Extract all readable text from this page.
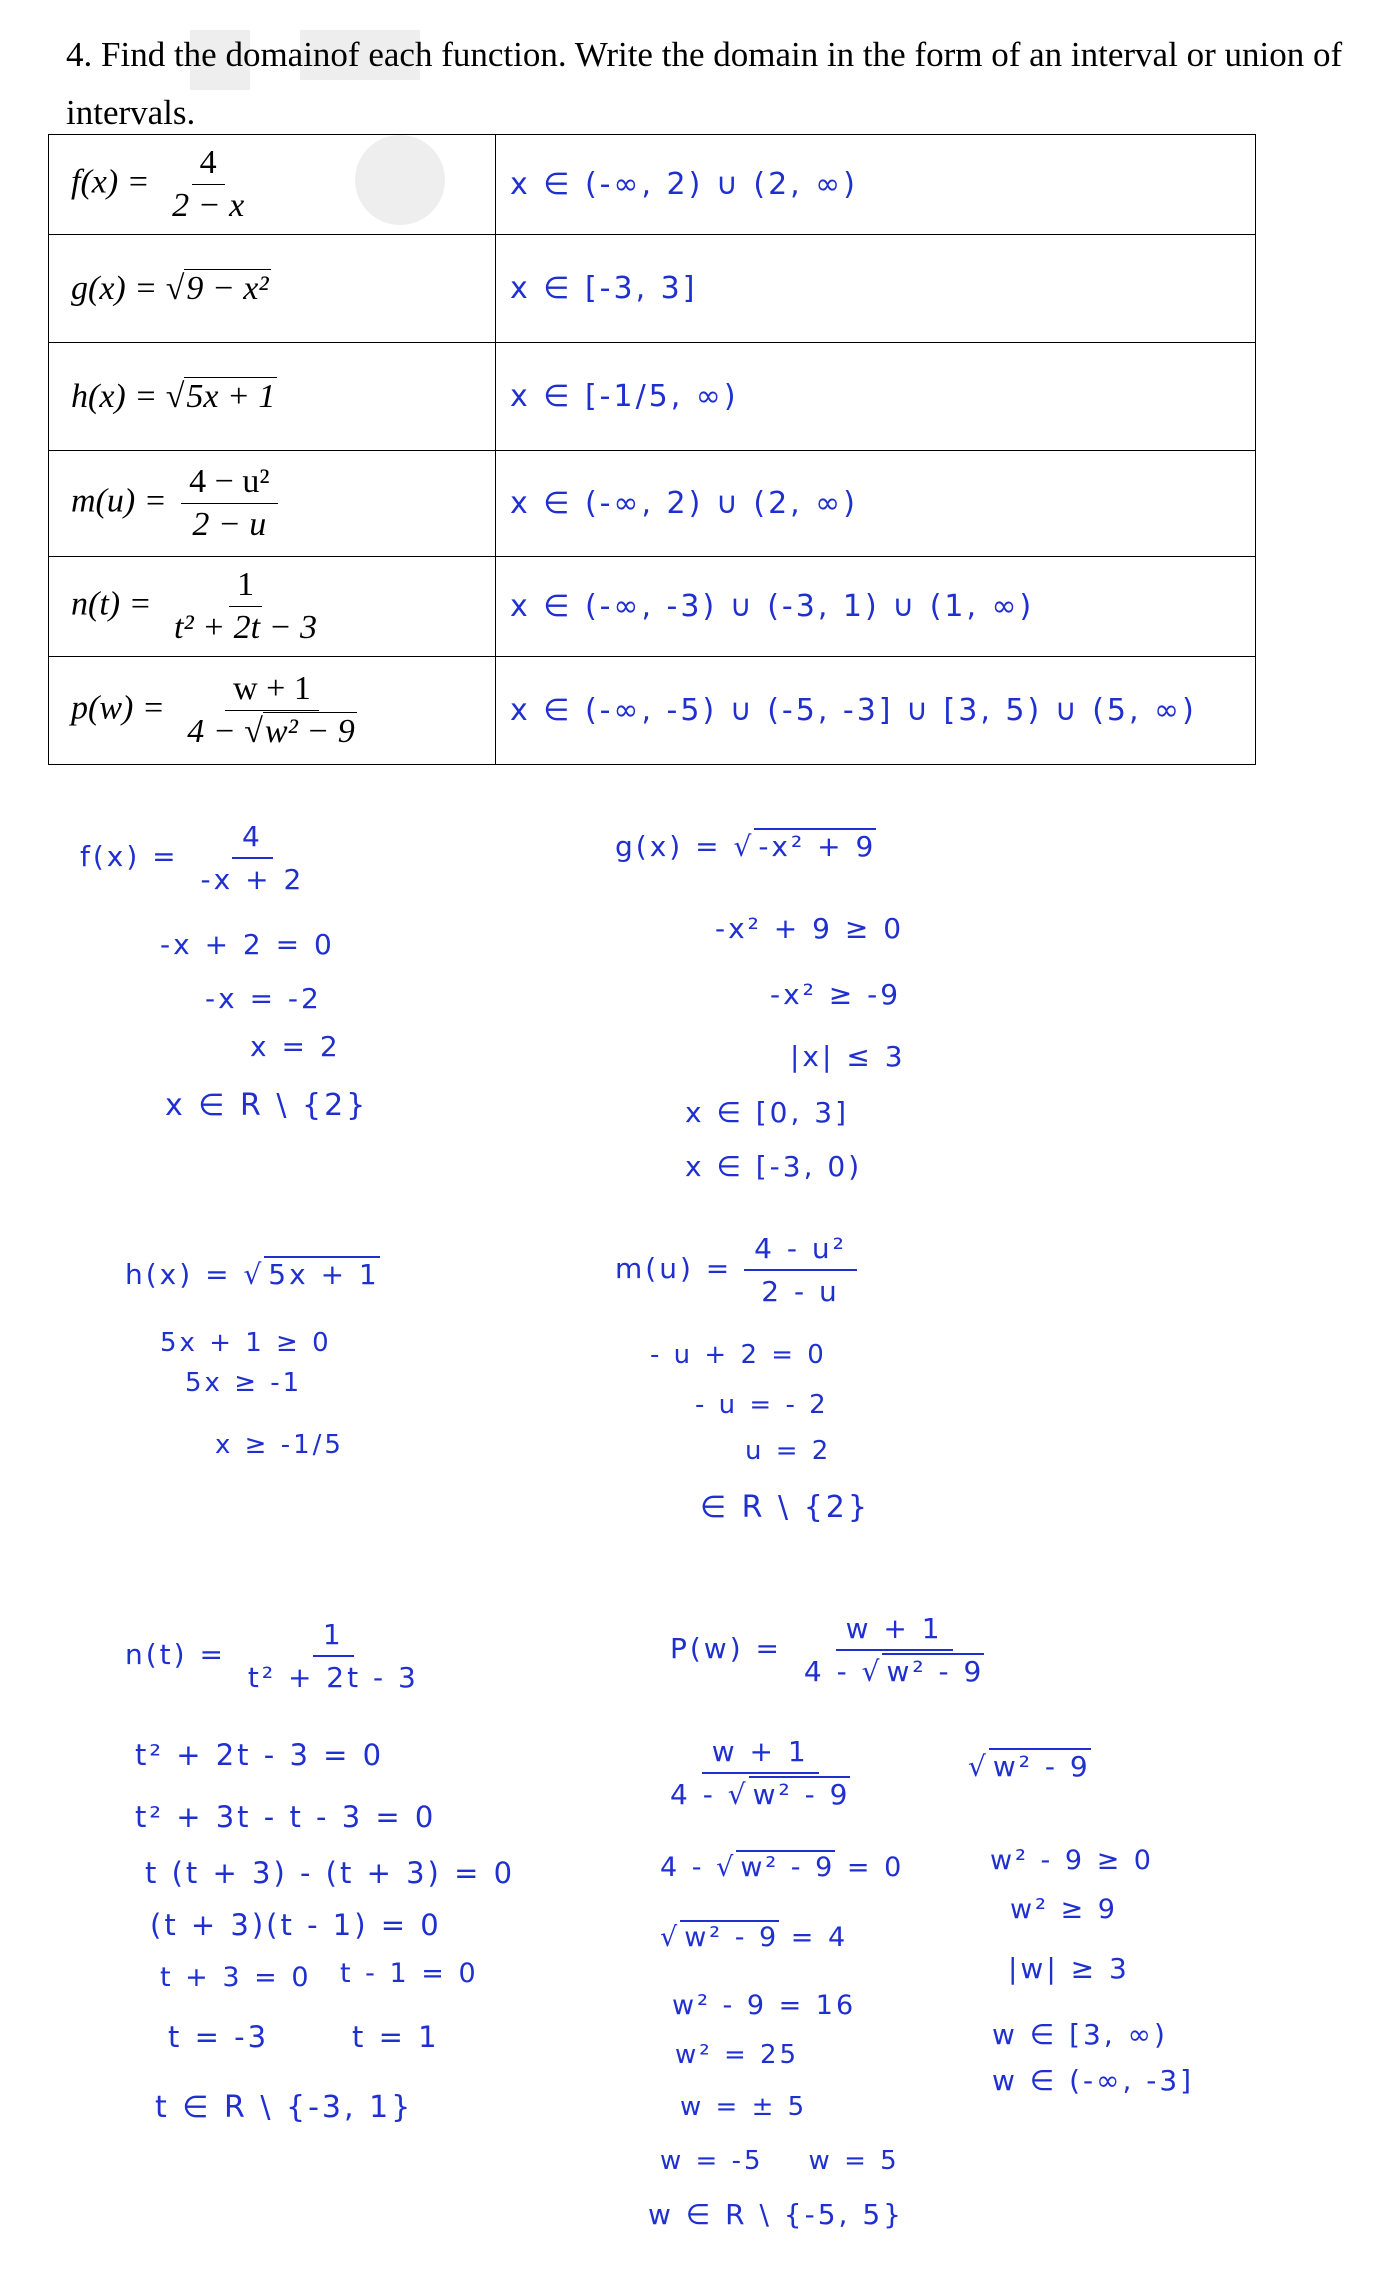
4. Find the domainof each function. Write the domain in the form of an interval or union of intervals.
$f(x) = \frac{4}{2 - x}$	x ∈ (-∞, 2) ∪ (2, ∞)
g(x) = √9 − x²	x ∈ [-3, 3]
h(x) = √5x + 1	x ∈ [-1/5, ∞)
$m(u) = \frac{\text{4 − u²}}{2 - u}$	x ∈ (-∞, 2) ∪ (2, ∞)
$n(t) = \frac{1}{\text{t² + 2t − 3}}$	x ∈ (-∞, -3) ∪ (-3, 1) ∪ (1, ∞)
$p(w) = \frac{w + 1}{\text{4 − √w² − 9}}$	x ∈ (-∞, -5) ∪ (-5, -3] ∪ [3, 5) ∪ (5, ∞)
$f(x) = \frac{4}{-x + 2}$
-x + 2 = 0
-x = -2
x = 2
x ∈ R \ {2}
g(x) = √ -x² + 9
-x² + 9 ≥ 0
-x² ≥ -9
|x| ≤ 3
x ∈ [0, 3]
x ∈ [-3, 0)
h(x) = √ 5x + 1
5x + 1 ≥ 0
5x ≥ -1
x ≥ -1/5
$m(u) = \frac{\text{4 - u²}}{2 - u}$
- u + 2 = 0
- u = - 2
u = 2
∈ R \ {2}
$n(t) = \frac{1}{\text{t² + 2t - 3}}$
t² + 2t - 3 = 0
t² + 3t - t - 3 = 0
t (t + 3) - (t + 3) = 0
(t + 3)(t - 1) = 0
t + 3 = 0 t - 1 = 0
t = -3	t = 1
t ∈ R \ {-3, 1}
$P(w) = \frac{w + 1}{\text{4 - √ w² - 9}}$
$\frac{w + 1}{\text{4 - √ w² - 9}}$
4 - √ w² - 9 = 0
√ w² - 9 = 4
w² - 9 = 16
w² = 25
w = ± 5
w = -5    w = 5
w ∈ R \ {-5, 5}
√ w² - 9
w² - 9 ≥ 0
w² ≥ 9
|w| ≥ 3
w ∈ [3, ∞)
w ∈ (-∞, -3]
